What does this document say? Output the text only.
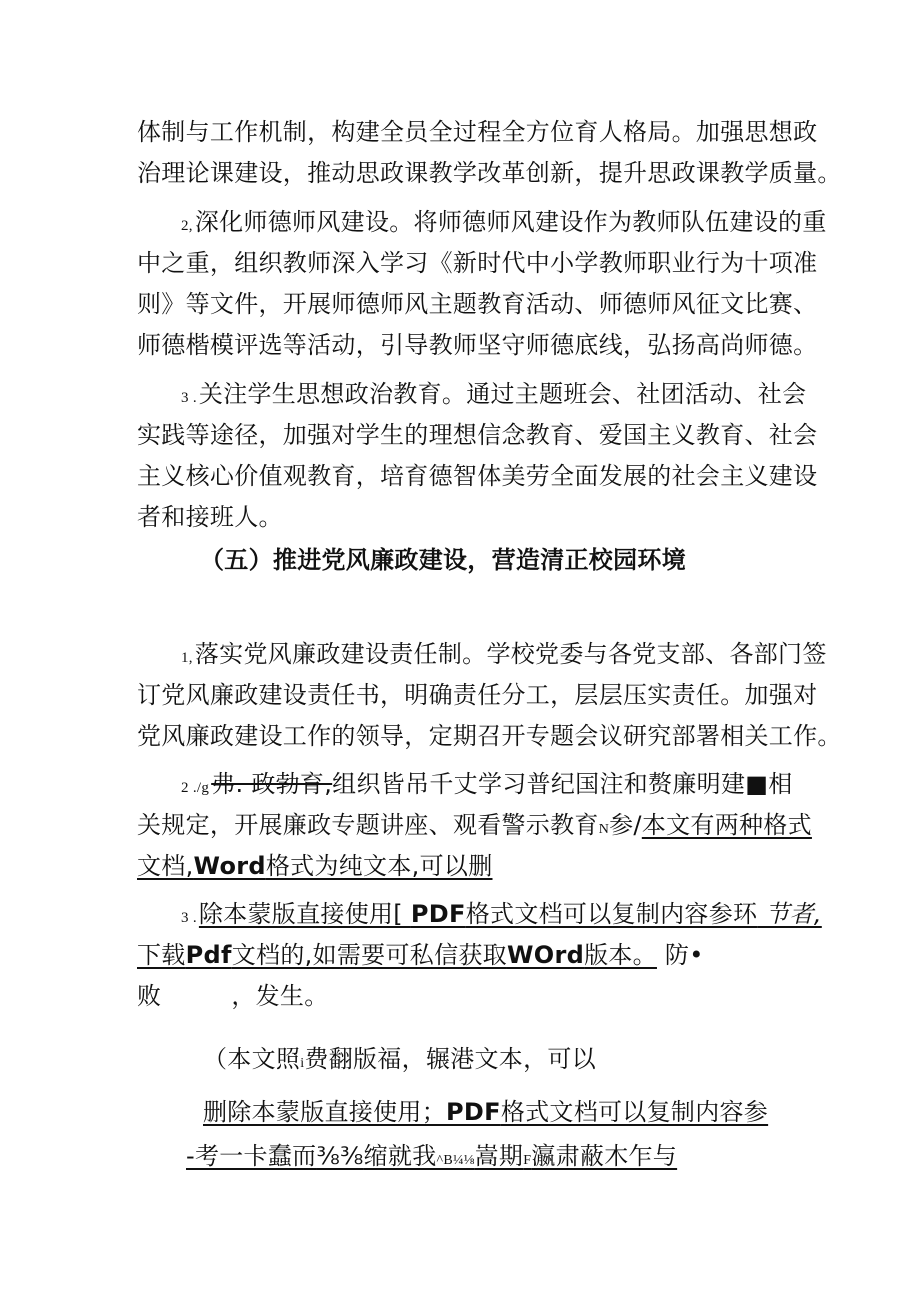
体制与工作机制，构建全员全过程全方位育人格局。加强思想政
治理论课建设，推动思政课教学改革创新，提升思政课教学质量。
2,深化师德师风建设。将师德师风建设作为教师队伍建设的重
中之重，组织教师深入学习《新时代中小学教师职业行为十项准
则》等文件，开展师德师风主题教育活动、师德师风征文比赛、
师德楷模评选等活动，引导教师坚守师德底线，弘扬高尚师德。
3 .关注学生思想政治教育。通过主题班会、社团活动、社会
实践等途径，加强对学生的理想信念教育、爱国主义教育、社会
主义核心价值观教育，培育德智体美劳全面发展的社会主义建设
者和接班人。
（五）推进党风廉政建设，营造清正校园环境
1,落实党风廉政建设责任制。学校党委与各党支部、各部门签
订党风廉政建设责任书，明确责任分工，层层压实责任。加强对
党风廉政建设工作的领导，定期召开专题会议研究部署相关工作。
2 ./g弗. 政勃育,组织皆吊千丈学习普纪国注和赘廉明建■相
关规定，开展廉政专题讲座、观看警示教育N参/本文有两种格式
文档,Word格式为纯文本,可以删
3 .除本蒙版直接使用[ PDF格式文档可以复制内容参环 节者,
下载Pdf文档的,如需要可私信获取WOrd版本。 防•
败	，发生。
（本文照i费翻版福，辗港文本，可以
删除本蒙版直接使用；PDF格式文档可以复制内容参
-考一卡蠢而⅜⅜缩就我^B¼⅛嵩期F瀛肃蔽木乍与
